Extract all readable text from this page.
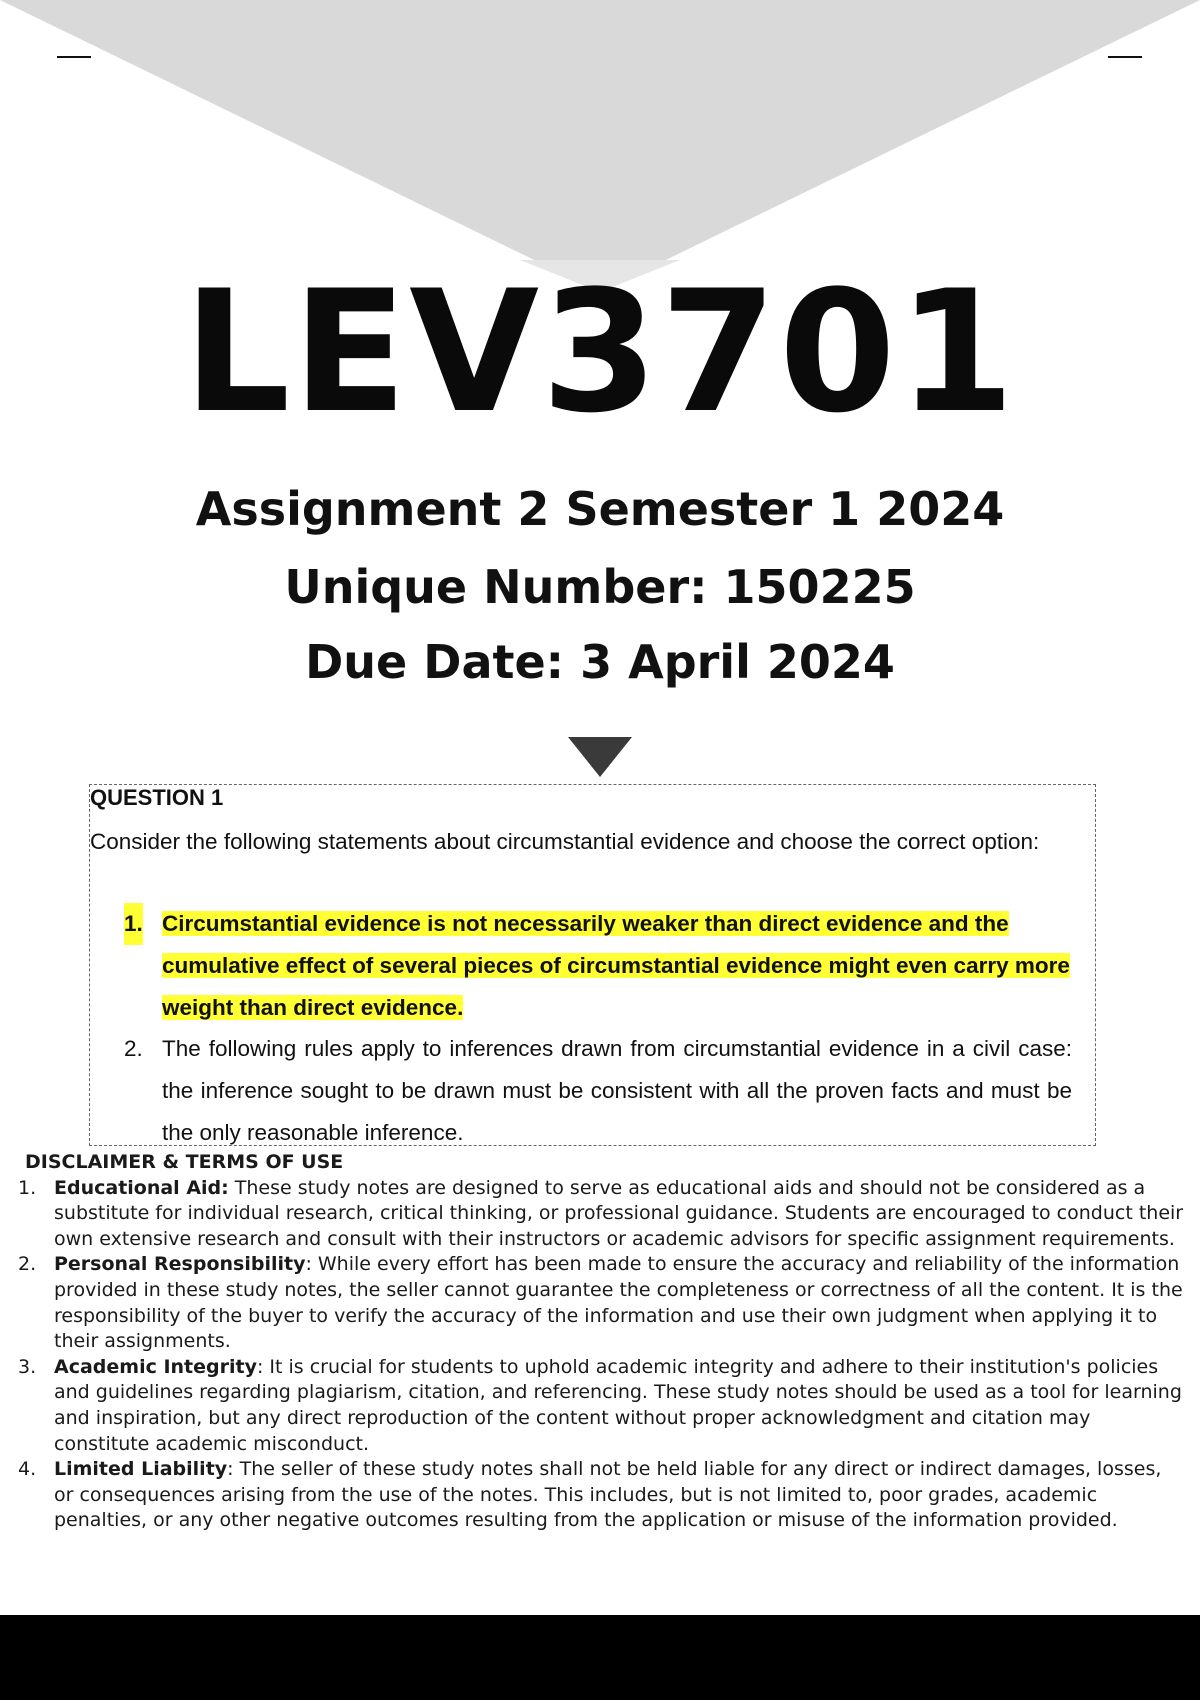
LEV3701
Assignment 2 Semester 1 2024
Unique Number: 150225
Due Date: 3 April 2024
QUESTION 1
Consider the following statements about circumstantial evidence and choose the correct option:
1. Circumstantial evidence is not necessarily weaker than direct evidence and the cumulative effect of several pieces of circumstantial evidence might even carry more weight than direct evidence.
2. The following rules apply to inferences drawn from circumstantial evidence in a civil case: the inference sought to be drawn must be consistent with all the proven facts and must be the only reasonable inference.
DISCLAIMER & TERMS OF USE
1. Educational Aid: These study notes are designed to serve as educational aids and should not be considered as a substitute for individual research, critical thinking, or professional guidance. Students are encouraged to conduct their own extensive research and consult with their instructors or academic advisors for specific assignment requirements.
2. Personal Responsibility: While every effort has been made to ensure the accuracy and reliability of the information provided in these study notes, the seller cannot guarantee the completeness or correctness of all the content. It is the responsibility of the buyer to verify the accuracy of the information and use their own judgment when applying it to their assignments.
3. Academic Integrity: It is crucial for students to uphold academic integrity and adhere to their institution's policies and guidelines regarding plagiarism, citation, and referencing. These study notes should be used as a tool for learning and inspiration, but any direct reproduction of the content without proper acknowledgment and citation may constitute academic misconduct.
4. Limited Liability: The seller of these study notes shall not be held liable for any direct or indirect damages, losses, or consequences arising from the use of the notes. This includes, but is not limited to, poor grades, academic penalties, or any other negative outcomes resulting from the application or misuse of the information provided.
